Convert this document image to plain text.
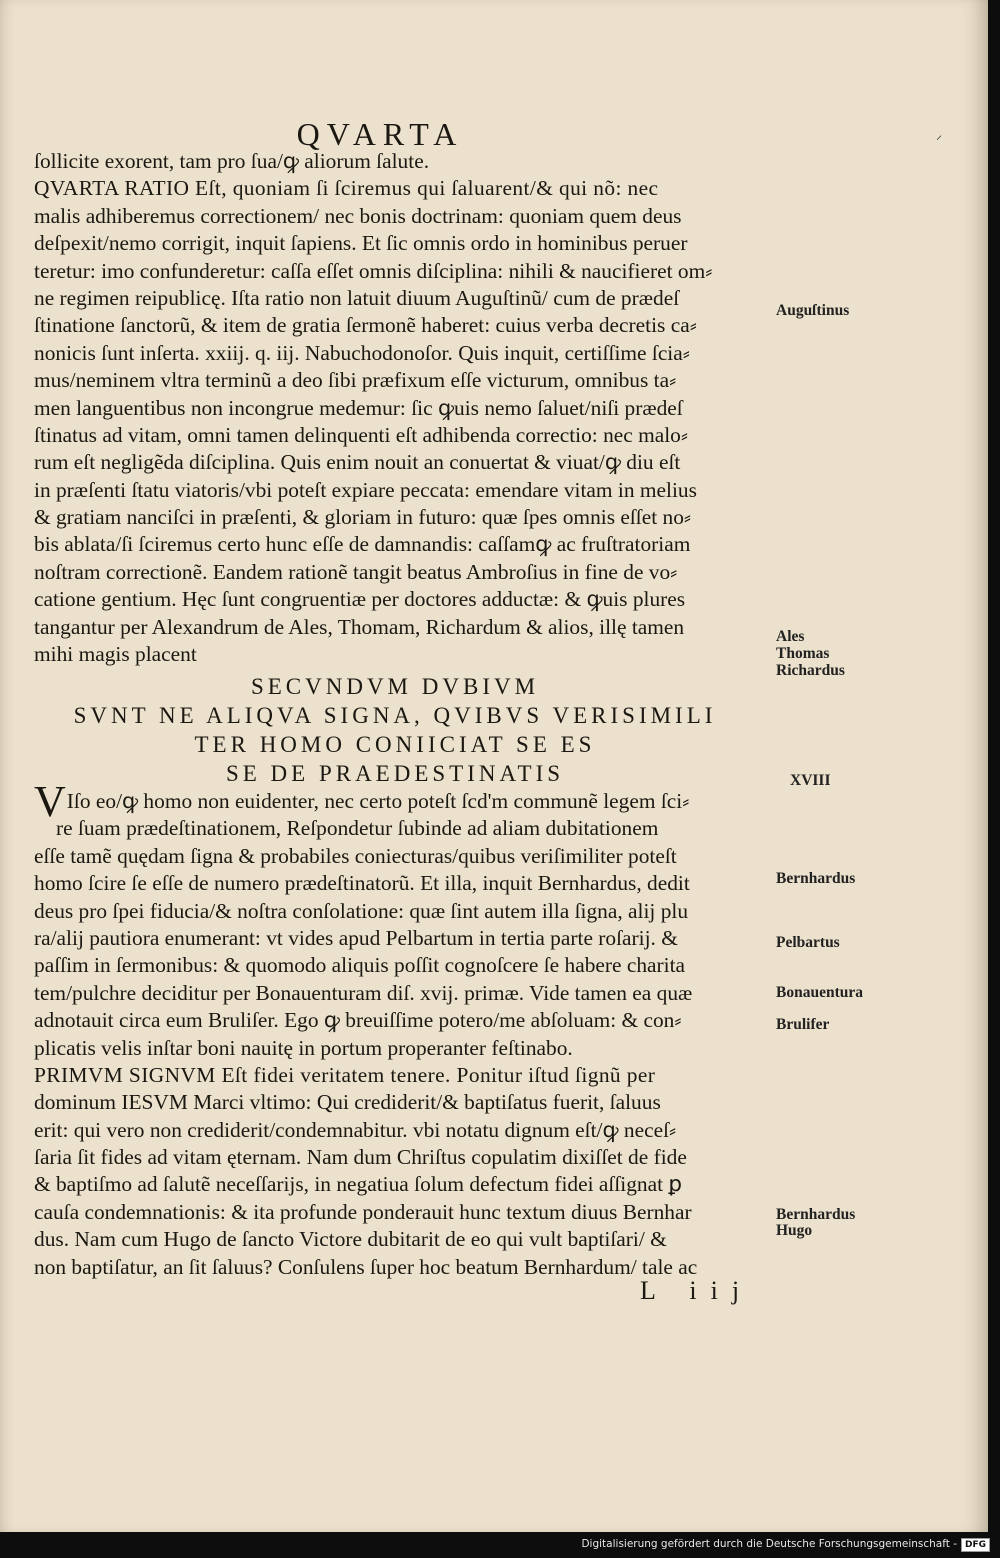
QVARTA	⸍
ſollicite exorent, tam pro ſua/ꝙ aliorum ſalute.
QVARTA RATIO Eſt, quoniam ſi ſciremus qui ſaluarent/& qui nõ: nec
malis adhiberemus correctionem/ nec bonis doctrinam: quoniam quem deus
deſpexit/nemo corrigit, inquit ſapiens. Et ſic omnis ordo in hominibus peruer
teretur: imo confunderetur: caſſa eſſet omnis diſciplina: nihili & naucifieret om⸗
ne regimen reipublicę. Iſta ratio non latuit diuum Auguſtinũ/ cum de prædeſ
ſtinatione ſanctorũ, & item de gratia ſermonẽ haberet: cuius verba decretis ca⸗
nonicis ſunt inſerta. xxiij. q. iij. Nabuchodonoſor. Quis inquit, certiſſime ſcia⸗
mus/neminem vltra terminũ a deo ſibi præfixum eſſe victurum, omnibus ta⸗
men languentibus non incongrue medemur: ſic ꝙuis nemo ſaluet/niſi prædeſ
ſtinatus ad vitam, omni tamen delinquenti eſt adhibenda correctio: nec malo⸗
rum eſt negligẽda diſciplina. Quis enim nouit an conuertat & viuat/ꝙ diu eſt
in præſenti ſtatu viatoris/vbi poteſt expiare peccata: emendare vitam in melius
& gratiam nanciſci in præſenti, & gloriam in futuro: quæ ſpes omnis eſſet no⸗
bis ablata/ſi ſciremus certo hunc eſſe de damnandis: caſſamꝙ ac fruſtratoriam
noſtram correctionẽ. Eandem rationẽ tangit beatus Ambroſius in fine de vo⸗
catione gentium. Hęc ſunt congruentiæ per doctores adductæ: & ꝙuis plures
tangantur per Alexandrum de Ales, Thomam, Richardum & alios, illę tamen
mihi magis placent
SECVNDVM DVBIVM
SVNT NE ALIQVA SIGNA, QVIBVS VERISIMILI
TER HOMO CONIICIAT SE ES
SE DE PRAEDESTINATIS
VIſo eo/ꝙ homo non euidenter, nec certo poteſt ſcd'm communẽ legem ſci⸗
re ſuam prædeſtinationem, Reſpondetur ſubinde ad aliam dubitationem
eſſe tamẽ quędam ſigna & probabiles coniecturas/quibus veriſimiliter poteſt
homo ſcire ſe eſſe de numero prædeſtinatorũ. Et illa, inquit Bernhardus, dedit
deus pro ſpei fiducia/& noſtra conſolatione: quæ ſint autem illa ſigna, alij plu
ra/alij pautiora enumerant: vt vides apud Pelbartum in tertia parte roſarij. &
paſſim in ſermonibus: & quomodo aliquis poſſit cognoſcere ſe habere charita
tem/pulchre deciditur per Bonauenturam diſ. xvij. primæ. Vide tamen ea quæ
adnotauit circa eum Bruliſer. Ego ꝙ breuiſſime potero/me abſoluam: & con⸗
plicatis velis inſtar boni nauitę in portum properanter feſtinabo.
PRIMVM SIGNVM Eſt fidei veritatem tenere. Ponitur iſtud ſignũ per
dominum IESVM Marci vltimo: Qui crediderit/& baptiſatus fuerit, ſaluus
erit: qui vero non crediderit/condemnabitur. vbi notatu dignum eſt/ꝙ neceſ⸗
ſaria ſit fides ad vitam ęternam. Nam dum Chriſtus copulatim dixiſſet de fide
& baptiſmo ad ſalutẽ neceſſarijs, in negatiua ſolum defectum fidei aſſignat ꝑ
cauſa condemnationis: & ita profunde ponderauit hunc textum diuus Bernhar
dus. Nam cum Hugo de ſancto Victore dubitarit de eo qui vult baptiſari/ &
non baptiſatur, an ſit ſaluus? Conſulens ſuper hoc beatum Bernhardum/ tale ac
Auguſtinus
Ales
Thomas
Richardus
XVIII
Bernhardus
Pelbartus
Bonauentura
Brulifer
Bernhardus
Hugo
L iij
Digitalisierung gefördert durch die Deutsche Forschungsgemeinschaft - DFG
